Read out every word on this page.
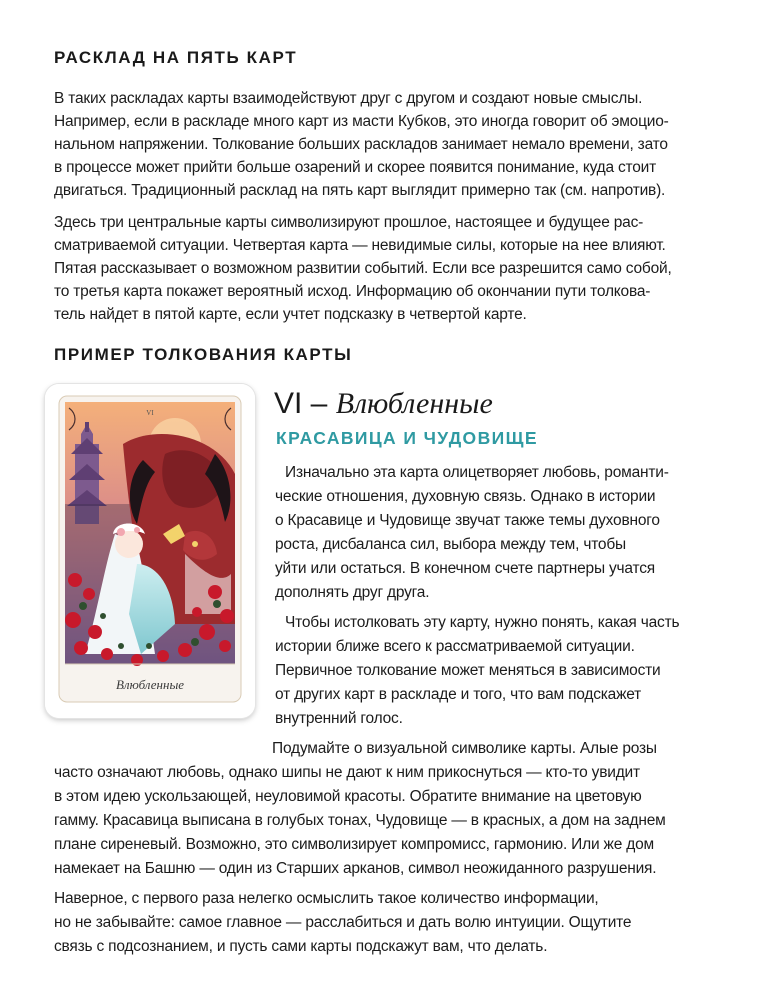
РАСКЛАД НА ПЯТЬ КАРТ
В таких раскладах карты взаимодействуют друг с другом и создают новые смыслы.
Например, если в раскладе много карт из масти Кубков, это иногда говорит об эмоцио-
нальном напряжении. Толкование больших раскладов занимает немало времени, зато
в процессе может прийти больше озарений и скорее появится понимание, куда стоит
двигаться. Традиционный расклад на пять карт выглядит примерно так (см. напротив).
Здесь три центральные карты символизируют прошлое, настоящее и будущее рас-
сматриваемой ситуации. Четвертая карта — невидимые силы, которые на нее влияют.
Пятая рассказывает о возможном развитии событий. Если все разрешится само собой,
то третья карта покажет вероятный исход. Информацию об окончании пути толкова-
тель найдет в пятой карте, если учтет подсказку в четвертой карте.
ПРИМЕР ТОЛКОВАНИЯ КАРТЫ
VI
Влюбленные
VI – Влюбленные
КРАСАВИЦА И ЧУДОВИЩЕ
Изначально эта карта олицетворяет любовь, романти-
ческие отношения, духовную связь. Однако в истории
о Красавице и Чудовище звучат также темы духовного
роста, дисбаланса сил, выбора между тем, чтобы
уйти или остаться. В конечном счете партнеры учатся
дополнять друг друга.
Чтобы истолковать эту карту, нужно понять, какая часть
истории ближе всего к рассматриваемой ситуации.
Первичное толкование может меняться в зависимости
от других карт в раскладе и того, что вам подскажет
внутренний голос.
Подумайте о визуальной символике карты. Алые розы
часто означают любовь, однако шипы не дают к ним прикоснуться — кто-то увидит
в этом идею ускользающей, неуловимой красоты. Обратите внимание на цветовую
гамму. Красавица выписана в голубых тонах, Чудовище — в красных, а дом на заднем
плане сиреневый. Возможно, это символизирует компромисс, гармонию. Или же дом
намекает на Башню — один из Старших арканов, символ неожиданного разрушения.
Наверное, с первого раза нелегко осмыслить такое количество информации,
но не забывайте: самое главное — расслабиться и дать волю интуиции. Ощутите
связь с подсознанием, и пусть сами карты подскажут вам, что делать.
